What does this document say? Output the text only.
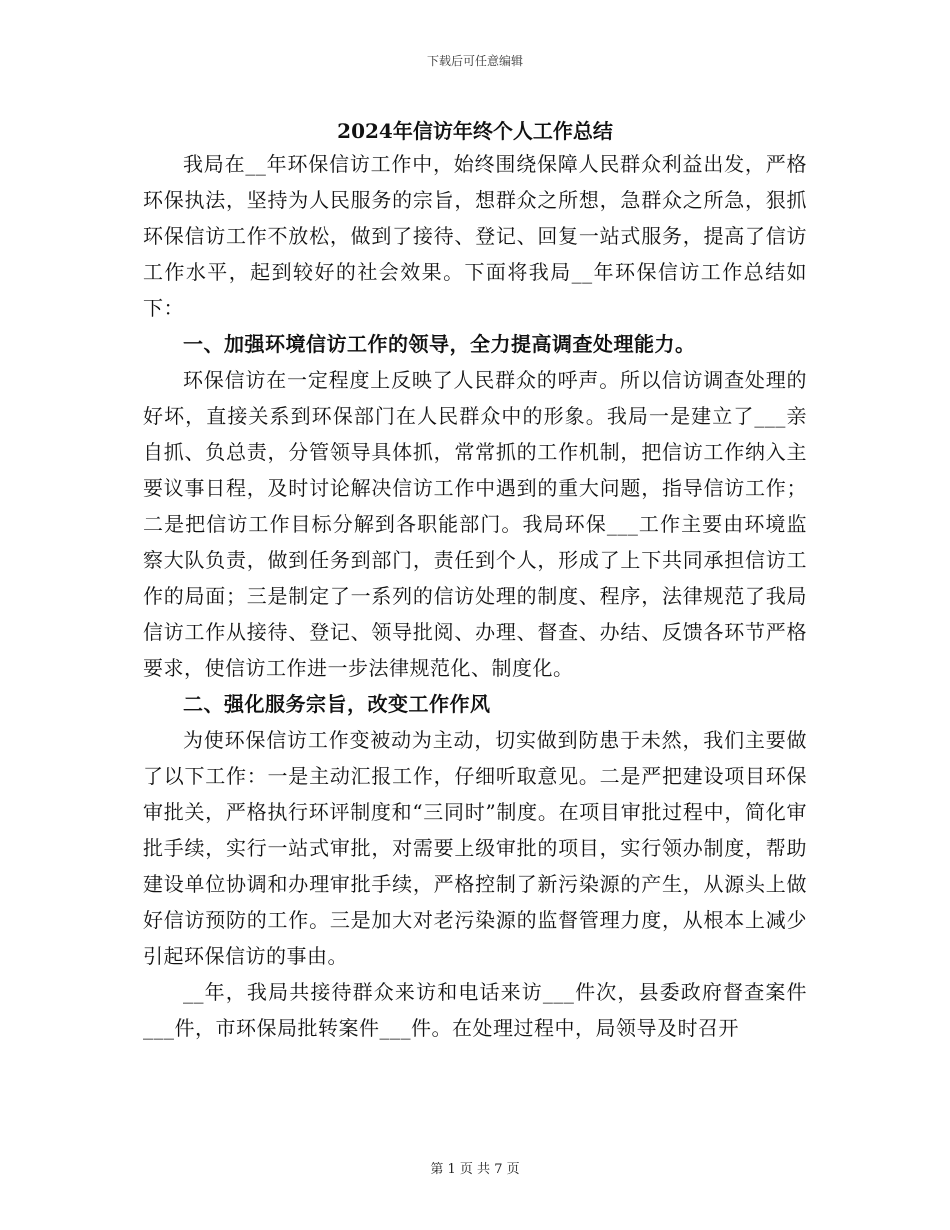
下载后可任意编辑
2024年信访年终个人工作总结

我局在__年环保信访工作中，始终围绕保障人民群众利益出发，严格环保执法，坚持为人民服务的宗旨，想群众之所想，急群众之所急，狠抓环保信访工作不放松，做到了接待、登记、回复一站式服务，提高了信访工作水平，起到较好的社会效果。下面将我局__年环保信访工作总结如下：

一、加强环境信访工作的领导，全力提高调查处理能力。

环保信访在一定程度上反映了人民群众的呼声。所以信访调查处理的好坏，直接关系到环保部门在人民群众中的形象。我局一是建立了___亲自抓、负总责，分管领导具体抓，常常抓的工作机制，把信访工作纳入主要议事日程，及时讨论解决信访工作中遇到的重大问题，指导信访工作；二是把信访工作目标分解到各职能部门。我局环保___工作主要由环境监察大队负责，做到任务到部门，责任到个人，形成了上下共同承担信访工作的局面；三是制定了一系列的信访处理的制度、程序，法律规范了我局信访工作从接待、登记、领导批阅、办理、督查、办结、反馈各环节严格要求，使信访工作进一步法律规范化、制度化。

二、强化服务宗旨，改变工作作风

为使环保信访工作变被动为主动，切实做到防患于未然，我们主要做了以下工作：一是主动汇报工作，仔细听取意见。二是严把建设项目环保审批关，严格执行环评制度和“三同时”制度。在项目审批过程中，简化审批手续，实行一站式审批，对需要上级审批的项目，实行领办制度，帮助建设单位协调和办理审批手续，严格控制了新污染源的产生，从源头上做好信访预防的工作。三是加大对老污染源的监督管理力度，从根本上减少引起环保信访的事由。

__年，我局共接待群众来访和电话来访___件次，县委政府督查案件___件，市环保局批转案件___件。在处理过程中，局领导及时召开

第 1 页 共 7 页
